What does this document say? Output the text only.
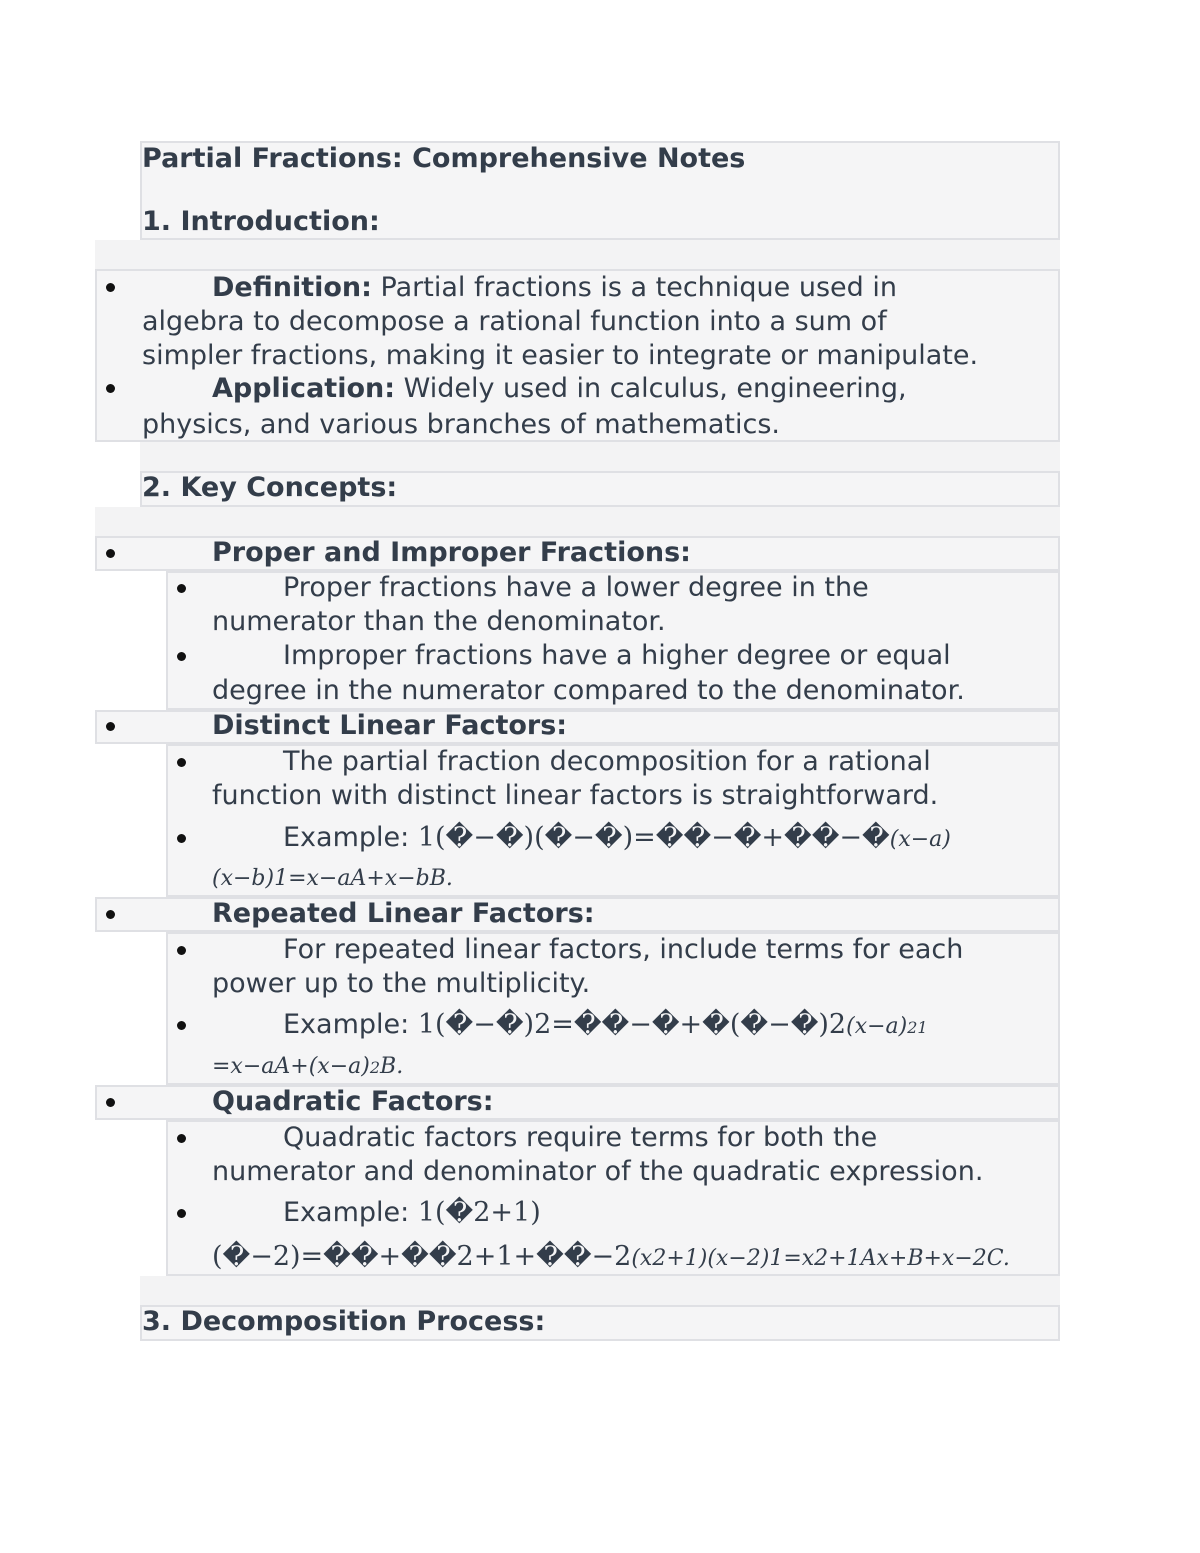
Partial Fractions: Comprehensive Notes
1. Introduction:
Definition: Partial fractions is a technique used in
algebra to decompose a rational function into a sum of
simpler fractions, making it easier to integrate or manipulate.
Application: Widely used in calculus, engineering,
physics, and various branches of mathematics.
2. Key Concepts:
Proper and Improper Fractions:
Proper fractions have a lower degree in the
numerator than the denominator.
Improper fractions have a higher degree or equal
degree in the numerator compared to the denominator.
Distinct Linear Factors:
The partial fraction decomposition for a rational
function with distinct linear factors is straightforward.
Example: 1(�−�)(�−�)=��−�+��−�(x−a)
(x−b)1=x−aA+x−bB.
Repeated Linear Factors:
For repeated linear factors, include terms for each
power up to the multiplicity.
Example: 1(�−�)2=��−�+�(�−�)2(x−a)21
=x−aA+(x−a)2B.
Quadratic Factors:
Quadratic factors require terms for both the
numerator and denominator of the quadratic expression.
Example: 1(�2+1)
(�−2)=��+��2+1+��−2(x2+1)(x−2)1=x2+1Ax+B+x−2C.
3. Decomposition Process:
